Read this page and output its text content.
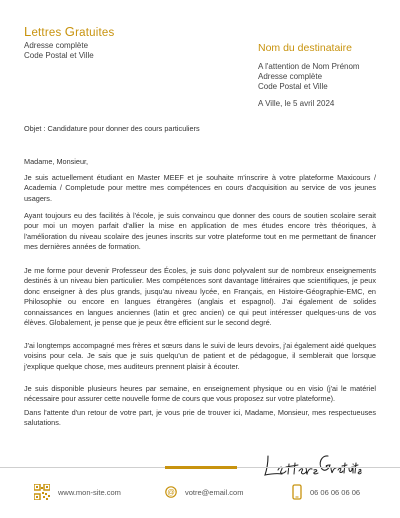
Lettres Gratuites
Adresse complète
Code Postal et Ville
Nom du destinataire
A l'attention de Nom Prénom
Adresse complète
Code Postal et Ville
A Ville, le 5 avril 2024
Objet : Candidature pour donner des cours particuliers
Madame, Monsieur,
Je suis actuellement étudiant en Master MEEF et je souhaite m'inscrire à votre plateforme Maxicours / Academia / Completude pour mettre mes compétences en cours d'acquisition au service de vos jeunes usagers.
Ayant toujours eu des facilités à l'école, je suis convaincu que donner des cours de soutien scolaire serait pour moi un moyen parfait d'allier la mise en application de mes études encore très théoriques, à l'amélioration du niveau scolaire des jeunes inscrits sur votre plateforme tout en me permettant de financer mes dernières années de formation.
Je me forme pour devenir Professeur des Écoles, je suis donc polyvalent sur de nombreux enseignements destinés à un niveau bien particulier. Mes compétences sont davantage littéraires que scientifiques, je peux donc enseigner à des plus grands, jusqu'au niveau lycée, en Français, en Histoire-Géographie-EMC, en Philosophie ou encore en langues étrangères (anglais et espagnol). J'ai également de solides connaissances en langues anciennes (latin et grec ancien) ce qui peut intéresser quelques-uns de vos élèves. Globalement, je pense que je peux être efficient sur le second degré.
J'ai longtemps accompagné mes frères et sœurs dans le suivi de leurs devoirs, j'ai également aidé quelques voisins pour cela. Je sais que je suis quelqu'un de patient et de pédagogue, il semblerait que lorsque j'explique quelque chose, mes auditeurs prennent plaisir à écouter.
Je suis disponible plusieurs heures par semaine, en enseignement physique ou en visio (j'ai le matériel nécessaire pour assurer cette nouvelle forme de cours que vous proposez sur votre plateforme).
Dans l'attente d'un retour de votre part, je vous prie de trouver ici, Madame, Monsieur, mes respectueuses salutations.
www.mon-site.com	@ votre@email.com	06 06 06 06 06
